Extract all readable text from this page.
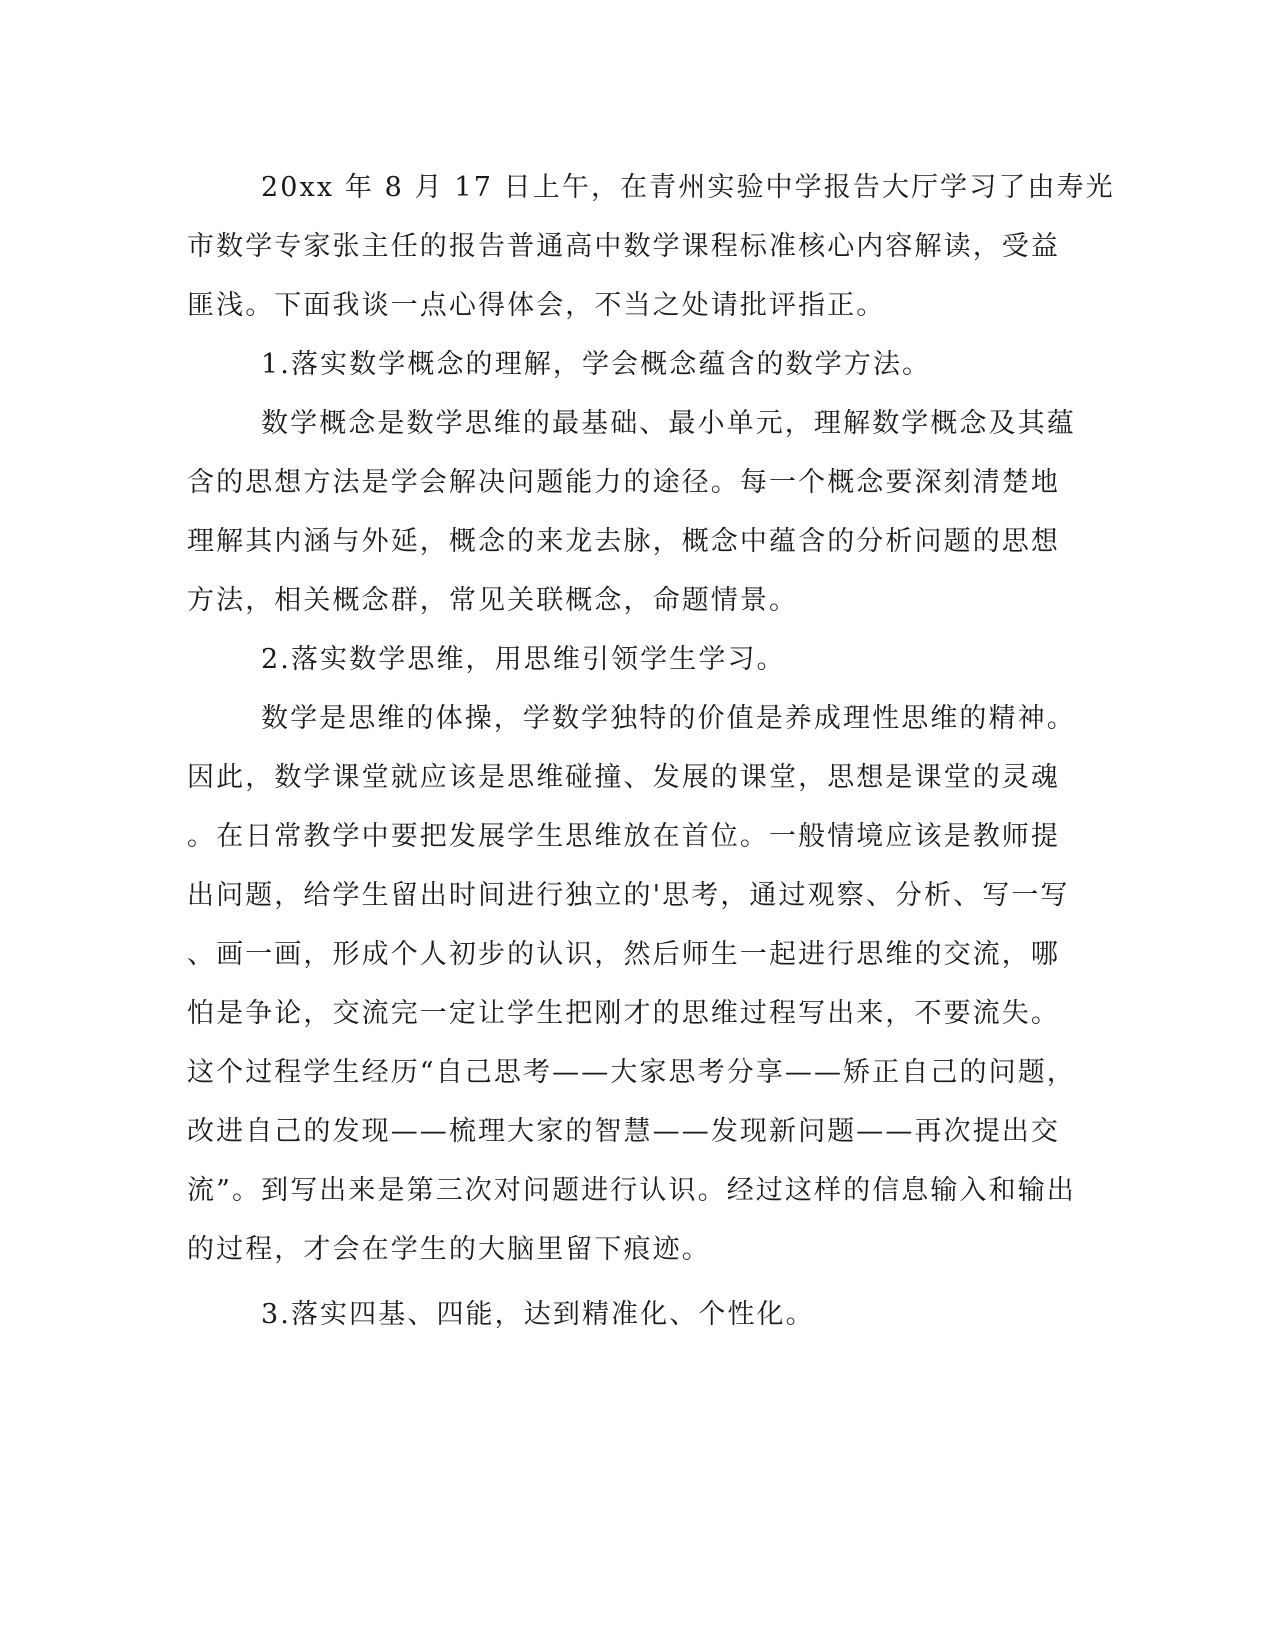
20xx 年 8 月 17 日上午，在青州实验中学报告大厅学习了由寿光
市数学专家张主任的报告普通高中数学课程标准核心内容解读，受益
匪浅。下面我谈一点心得体会，不当之处请批评指正。
1.落实数学概念的理解，学会概念蕴含的数学方法。
数学概念是数学思维的最基础、最小单元，理解数学概念及其蕴
含的思想方法是学会解决问题能力的途径。每一个概念要深刻清楚地
理解其内涵与外延，概念的来龙去脉，概念中蕴含的分析问题的思想
方法，相关概念群，常见关联概念，命题情景。
2.落实数学思维，用思维引领学生学习。
数学是思维的体操，学数学独特的价值是养成理性思维的精神。
因此，数学课堂就应该是思维碰撞、发展的课堂，思想是课堂的灵魂
。在日常教学中要把发展学生思维放在首位。一般情境应该是教师提
出问题，给学生留出时间进行独立的'思考，通过观察、分析、写一写
、画一画，形成个人初步的认识，然后师生一起进行思维的交流，哪
怕是争论，交流完一定让学生把刚才的思维过程写出来，不要流失。
这个过程学生经历“自己思考——大家思考分享——矫正自己的问题，
改进自己的发现——梳理大家的智慧——发现新问题——再次提出交
流”。到写出来是第三次对问题进行认识。经过这样的信息输入和输出
的过程，才会在学生的大脑里留下痕迹。
3.落实四基、四能，达到精准化、个性化。
